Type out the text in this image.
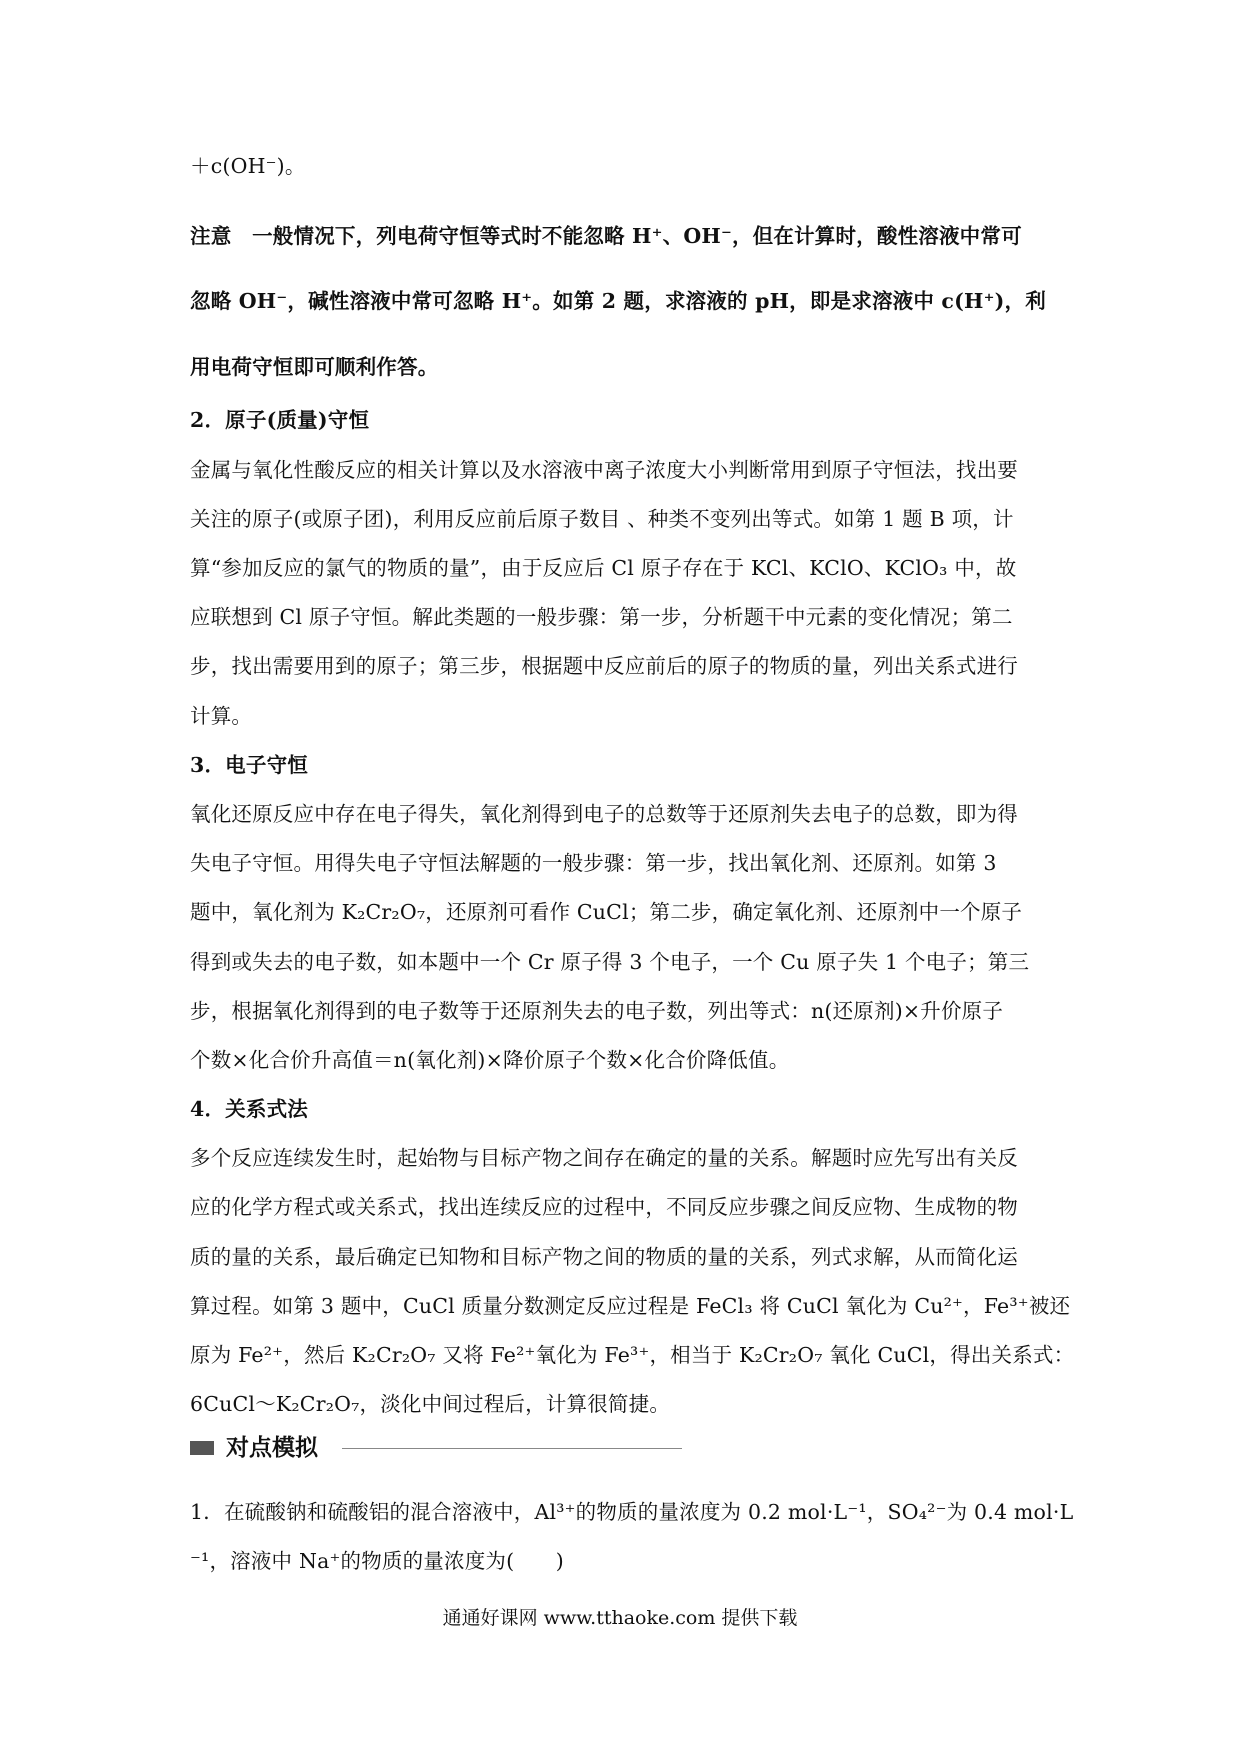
＋c(OH⁻)。
注意　一般情况下，列电荷守恒等式时不能忽略 H⁺、OH⁻，但在计算时，酸性溶液中常可
忽略 OH⁻，碱性溶液中常可忽略 H⁺。如第 2 题，求溶液的 pH，即是求溶液中 c(H⁺)，利
用电荷守恒即可顺利作答。
2．原子(质量)守恒
金属与氧化性酸反应的相关计算以及水溶液中离子浓度大小判断常用到原子守恒法，找出要
关注的原子(或原子团)，利用反应前后原子数目 、种类不变列出等式。如第 1 题 B 项，计
算“参加反应的氯气的物质的量”，由于反应后 Cl 原子存在于 KCl、KClO、KClO₃ 中，故
应联想到 Cl 原子守恒。解此类题的一般步骤：第一步，分析题干中元素的变化情况；第二
步，找出需要用到的原子；第三步，根据题中反应前后的原子的物质的量，列出关系式进行
计算。
3．电子守恒
氧化还原反应中存在电子得失，氧化剂得到电子的总数等于还原剂失去电子的总数，即为得
失电子守恒。用得失电子守恒法解题的一般步骤：第一步，找出氧化剂、还原剂。如第 3
题中，氧化剂为 K₂Cr₂O₇，还原剂可看作 CuCl；第二步，确定氧化剂、还原剂中一个原子
得到或失去的电子数，如本题中一个 Cr 原子得 3 个电子，一个 Cu 原子失 1 个电子；第三
步，根据氧化剂得到的电子数等于还原剂失去的电子数，列出等式：n(还原剂)×升价原子
个数×化合价升高值＝n(氧化剂)×降价原子个数×化合价降低值。
4．关系式法
多个反应连续发生时，起始物与目标产物之间存在确定的量的关系。解题时应先写出有关反
应的化学方程式或关系式，找出连续反应的过程中，不同反应步骤之间反应物、生成物的物
质的量的关系，最后确定已知物和目标产物之间的物质的量的关系，列式求解，从而简化运
算过程。如第 3 题中，CuCl 质量分数测定反应过程是 FeCl₃ 将 CuCl 氧化为 Cu²⁺，Fe³⁺被还
原为 Fe²⁺，然后 K₂Cr₂O₇ 又将 Fe²⁺氧化为 Fe³⁺，相当于 K₂Cr₂O₇ 氧化 CuCl，得出关系式：
6CuCl～K₂Cr₂O₇，淡化中间过程后，计算很简捷。
1．在硫酸钠和硫酸铝的混合溶液中，Al³⁺的物质的量浓度为 0.2 mol·L⁻¹，SO₄²⁻为 0.4 mol·L
⁻¹，溶液中 Na⁺的物质的量浓度为(　　)
对点模拟
通通好课网 www.tthaoke.com 提供下载
